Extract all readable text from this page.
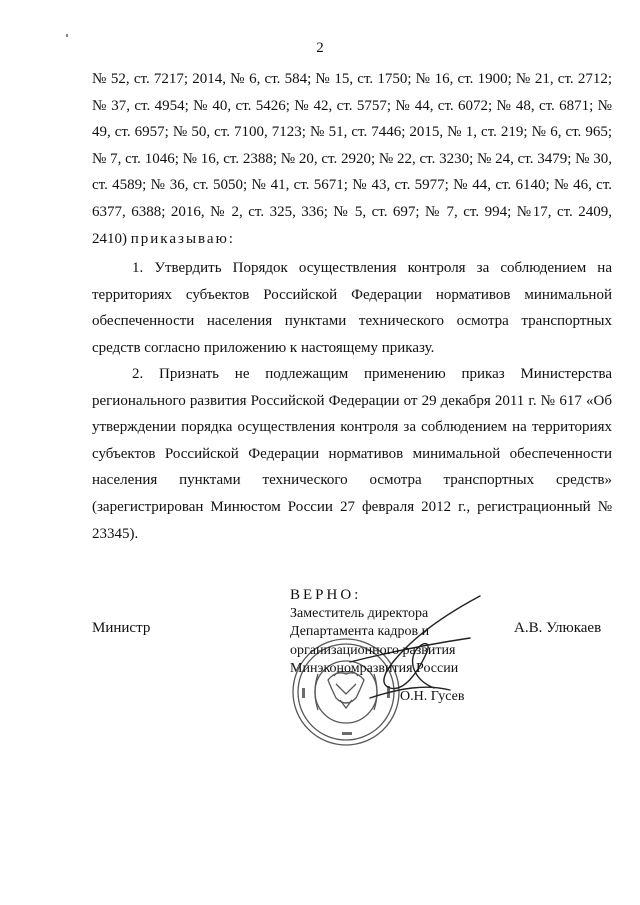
2

№ 52, ст. 7217; 2014, № 6, ст. 584; № 15, ст. 1750; № 16, ст. 1900; № 21, ст. 2712; № 37, ст. 4954; № 40, ст. 5426; № 42, ст. 5757; № 44, ст. 6072; № 48, ст. 6871; № 49, ст. 6957; № 50, ст. 7100, 7123; № 51, ст. 7446; 2015, № 1, ст. 219; № 6, ст. 965; № 7, ст. 1046; № 16, ст. 2388; № 20, ст. 2920; № 22, ст. 3230; № 24, ст. 3479; № 30, ст. 4589; № 36, ст. 5050; № 41, ст. 5671; № 43, ст. 5977; № 44, ст. 6140; № 46, ст. 6377, 6388; 2016, № 2, ст. 325, 336; № 5, ст. 697; № 7, ст. 994; №17, ст. 2409, 2410) приказываю:

1. Утвердить Порядок осуществления контроля за соблюдением на территориях субъектов Российской Федерации нормативов минимальной обеспеченности населения пунктами технического осмотра транспортных средств согласно приложению к настоящему приказу.

2. Признать не подлежащим применению приказ Министерства регионального развития Российской Федерации от 29 декабря 2011 г. № 617 «Об утверждении порядка осуществления контроля за соблюдением на территориях субъектов Российской Федерации нормативов минимальной обеспеченности населения пунктами технического осмотра транспортных средств» (зарегистрирован Минюстом России 27 февраля 2012 г., регистрационный № 23345).

Министр	А.В. Улюкаев
ВЕРНО:
Заместитель директора
Департамента кадров и
организационного развития
Минэкономразвития России
О.Н. Гусев
